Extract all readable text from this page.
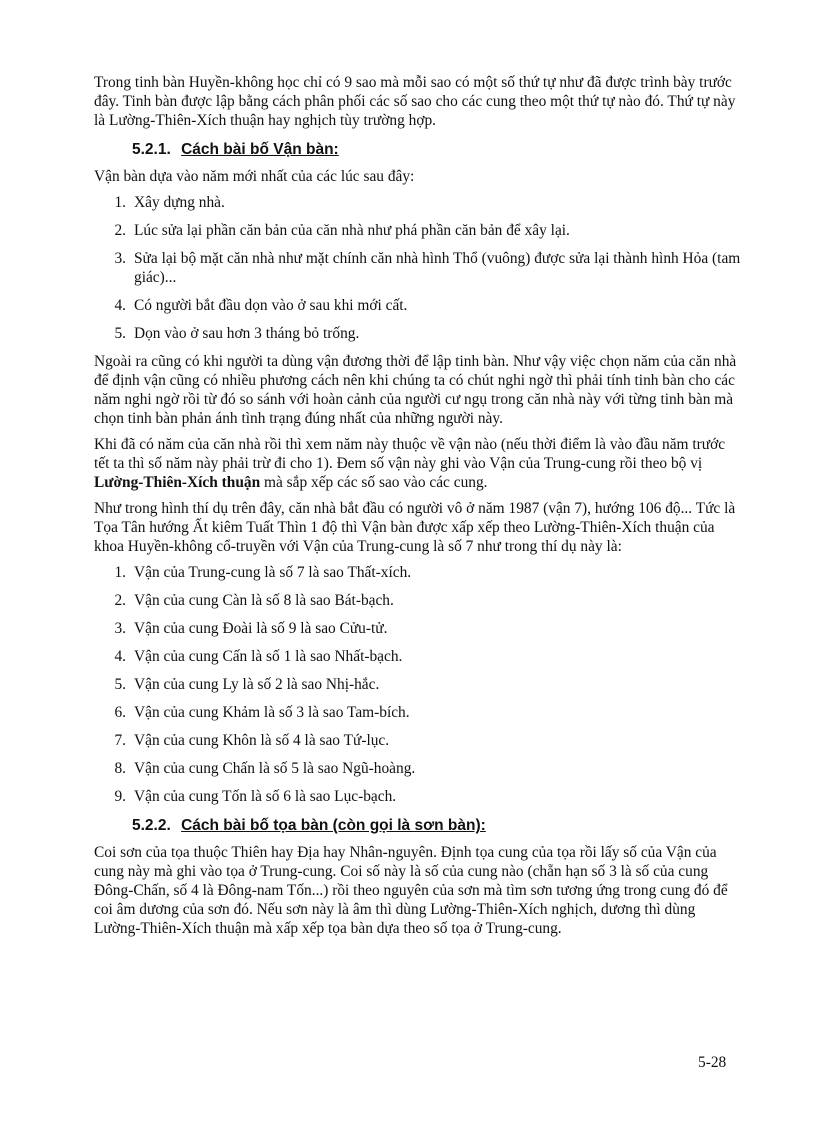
Trong tinh bàn Huyền-không học chỉ có 9 sao mà mỗi sao có một số thứ tự như đã được trình bày trước đây. Tinh bàn được lập bằng cách phân phối các số sao cho các cung theo một thứ tự nào đó. Thứ tự này là Lường-Thiên-Xích thuận hay nghịch tùy trường hợp.

5.2.1. Cách bài bố Vận bàn:

Vận bàn dựa vào năm mới nhất của các lúc sau đây:

1. Xây dựng nhà.
2. Lúc sửa lại phần căn bản của căn nhà như phá phần căn bản để xây lại.
3. Sửa lại bộ mặt căn nhà như mặt chính căn nhà hình Thổ (vuông) được sửa lại thành hình Hỏa (tam giác)...
4. Có người bắt đầu dọn vào ở sau khi mới cất.
5. Dọn vào ở sau hơn 3 tháng bỏ trống.

Ngoài ra cũng có khi người ta dùng vận đương thời để lập tinh bàn. Như vậy việc chọn năm của căn nhà để định vận cũng có nhiều phương cách nên khi chúng ta có chút nghi ngờ thì phải tính tinh bàn cho các năm nghi ngờ rồi từ đó so sánh với hoàn cảnh của người cư ngụ trong căn nhà này với từng tinh bàn mà chọn tinh bàn phản ánh tình trạng đúng nhất của những người này.

Khi đã có năm của căn nhà rồi thì xem năm này thuộc về vận nào (nếu thời điểm là vào đầu năm trước tết ta thì số năm này phải trừ đi cho 1). Đem số vận này ghi vào Vận của Trung-cung rồi theo bộ vị Lường-Thiên-Xích thuận mà sắp xếp các số sao vào các cung.

Như trong hình thí dụ trên đây, căn nhà bắt đầu có người vô ở năm 1987 (vận 7), hướng 106 độ... Tức là Tọa Tân hướng Ất kiêm Tuất Thìn 1 độ thì Vận bàn được xấp xếp theo Lường-Thiên-Xích thuận của khoa Huyền-không cổ-truyền với Vận của Trung-cung là số 7 như trong thí dụ này là:

1. Vận của Trung-cung là số 7 là sao Thất-xích.
2. Vận của cung Càn là số 8 là sao Bát-bạch.
3. Vận của cung Đoài là số 9 là sao Cửu-tử.
4. Vận của cung Cấn là số 1 là sao Nhất-bạch.
5. Vận của cung Ly là số 2 là sao Nhị-hắc.
6. Vận của cung Khảm là số 3 là sao Tam-bích.
7. Vận của cung Khôn là số 4 là sao Tứ-lục.
8. Vận của cung Chấn là số 5 là sao Ngũ-hoàng.
9. Vận của cung Tốn là số 6 là sao Lục-bạch.
5.2.2. Cách bài bố tọa bàn (còn gọi là sơn bàn):

Coi sơn của tọa thuộc Thiên hay Địa hay Nhân-nguyên. Định tọa cung của tọa rồi lấy số của Vận của cung này mà ghi vào tọa ở Trung-cung. Coi số này là số của cung nào (chẵn hạn số 3 là số của cung Đông-Chấn, số 4 là Đông-nam Tốn...) rồi theo nguyên của sơn mà tìm sơn tương ứng trong cung đó để coi âm dương của sơn đó. Nếu sơn này là âm thì dùng Lường-Thiên-Xích nghịch, dương thì dùng Lường-Thiên-Xích thuận mà xấp xếp tọa bàn dựa theo số tọa ở Trung-cung.

5-28
